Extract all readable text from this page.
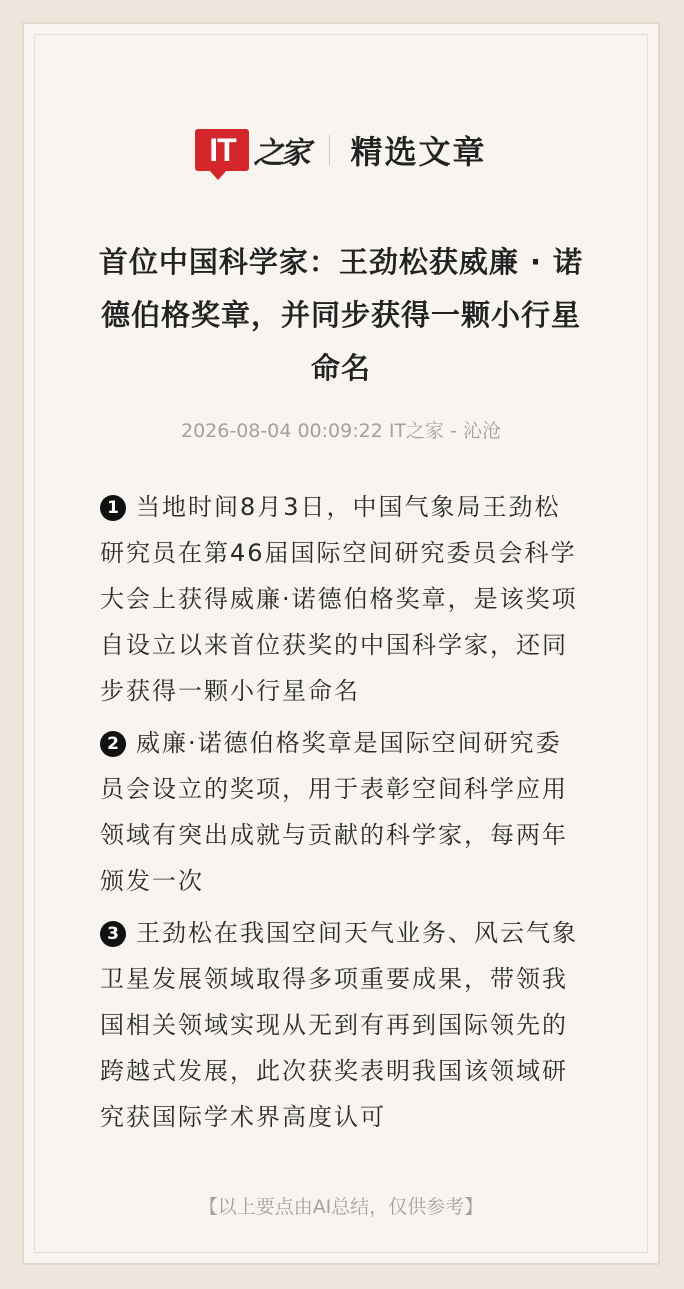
IT 之家 精选文章
首位中国科学家：王劲松获威廉 · 诺德伯格奖章，并同步获得一颗小行星命名
2026-08-04 00:09:22 IT之家 - 沁沧

1 当地时间8月3日，中国气象局王劲松研究员在第46届国际空间研究委员会科学大会上获得威廉·诺德伯格奖章，是该奖项自设立以来首位获奖的中国科学家，还同步获得一颗小行星命名

2 威廉·诺德伯格奖章是国际空间研究委员会设立的奖项，用于表彰空间科学应用领域有突出成就与贡献的科学家，每两年颁发一次

3 王劲松在我国空间天气业务、风云气象卫星发展领域取得多项重要成果，带领我国相关领域实现从无到有再到国际领先的跨越式发展，此次获奖表明我国该领域研究获国际学术界高度认可

【以上要点由AI总结，仅供参考】
